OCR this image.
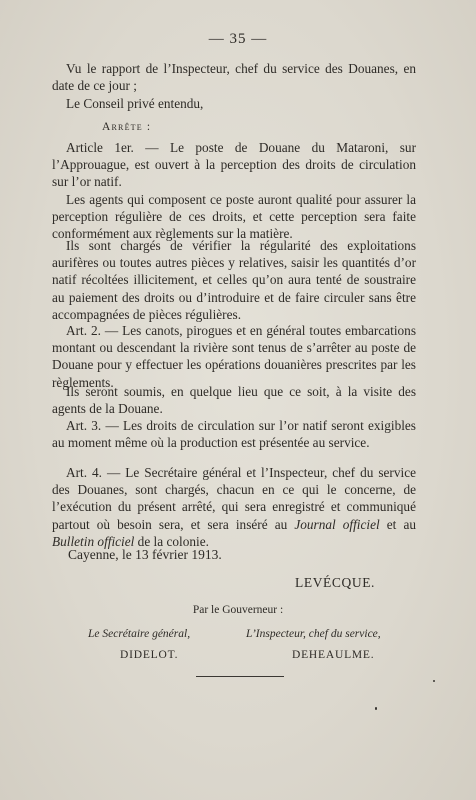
— 35 —
Vu le rapport de l’Inspecteur, chef du service des Douanes, en date de ce jour ;
Le Conseil privé entendu,
Arrête :
Article 1er. — Le poste de Douane du Mataroni, sur l’Approuague, est ouvert à la perception des droits de circulation sur l’or natif.
Les agents qui composent ce poste auront qualité pour assurer la perception régulière de ces droits, et cette perception sera faite conformément aux règlements sur la matière.
Ils sont chargés de vérifier la régularité des exploitations aurifères ou toutes autres pièces y relatives, saisir les quantités d’or natif récoltées illicitement, et celles qu’on aura tenté de soustraire au paiement des droits ou d’introduire et de faire circuler sans être accompagnées de pièces régulières.
Art. 2. — Les canots, pirogues et en général toutes embarcations montant ou descendant la rivière sont tenus de s’arrêter au poste de Douane pour y effectuer les opérations douanières prescrites par les règlements.
Ils seront soumis, en quelque lieu que ce soit, à la visite des agents de la Douane.
Art. 3. — Les droits de circulation sur l’or natif seront exigibles au moment même où la production est présentée au service.
Art. 4. — Le Secrétaire général et l’Inspecteur, chef du service des Douanes, sont chargés, chacun en ce qui le concerne, de l’exécution du présent arrêté, qui sera enregistré et communiqué partout où besoin sera, et sera inséré au Journal officiel et au Bulletin officiel de la colonie.
Cayenne, le 13 février 1913.
LEVÉCQUE.
Par le Gouverneur :
Le Secrétaire général,
DIDELOT.
L’Inspecteur, chef du service,
DEHEAULME.
